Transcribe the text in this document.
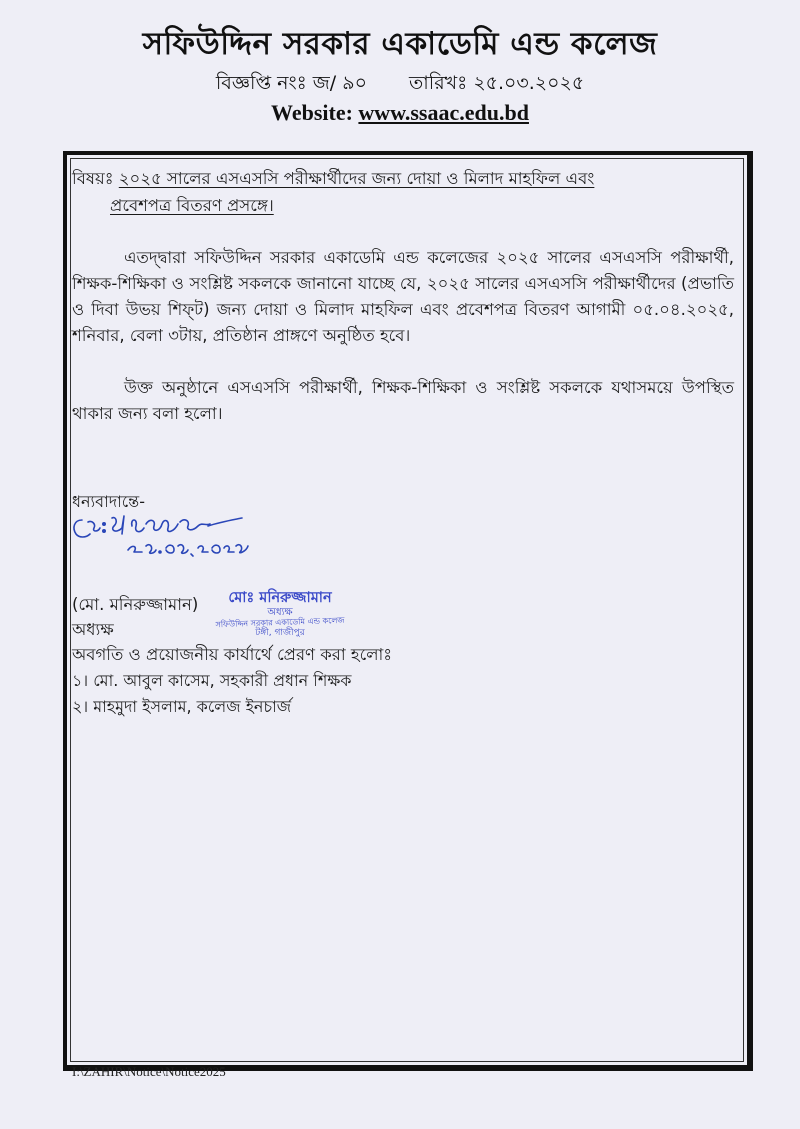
সফিউদ্দিন সরকার একাডেমি এন্ড কলেজ
বিজ্ঞপ্তি নংঃ জ/ ৯০ তারিখঃ ২৫.০৩.২০২৫
Website: www.ssaac.edu.bd
বিষয়ঃ ২০২৫ সালের এসএসসি পরীক্ষার্থীদের জন্য দোয়া ও মিলাদ মাহফিল এবং
প্রবেশপত্র বিতরণ প্রসঙ্গে।

এতদ্দ্বারা সফিউদ্দিন সরকার একাডেমি এন্ড কলেজের ২০২৫ সালের এসএসসি পরীক্ষার্থী, শিক্ষক-শিক্ষিকা ও সংশ্লিষ্ট সকলকে জানানো যাচ্ছে যে, ২০২৫ সালের এসএসসি পরীক্ষার্থীদের (প্রভাতি ও দিবা উভয় শিফ্‌ট) জন্য দোয়া ও মিলাদ মাহফিল এবং প্রবেশপত্র বিতরণ আগামী ০৫.০৪.২০২৫, শনিবার, বেলা ৩টায়, প্রতিষ্ঠান প্রাঙ্গণে অনুষ্ঠিত হবে।

উক্ত অনুষ্ঠানে এসএসসি পরীক্ষার্থী, শিক্ষক-শিক্ষিকা ও সংশ্লিষ্ট সকলকে যথাসময়ে উপস্থিত থাকার জন্য বলা হলো।

ধন্যবাদান্তে-
(মো. মনিরুজ্জামান)
অধ্যক্ষ
মোঃ মনিরুজ্জামান
অধ্যক্ষ
সফিউদ্দিন সরকার একাডেমি এন্ড কলেজ
টঙ্গী, গাজীপুর
অবগতি ও প্রয়োজনীয় কার্যার্থে প্রেরণ করা হলোঃ
১। মো. আবুল কাসেম, সহকারী প্রধান শিক্ষক
২। মাহমুদা ইসলাম, কলেজ ইনচার্জ
I:\ZAHIR\Notice\Notice2025
